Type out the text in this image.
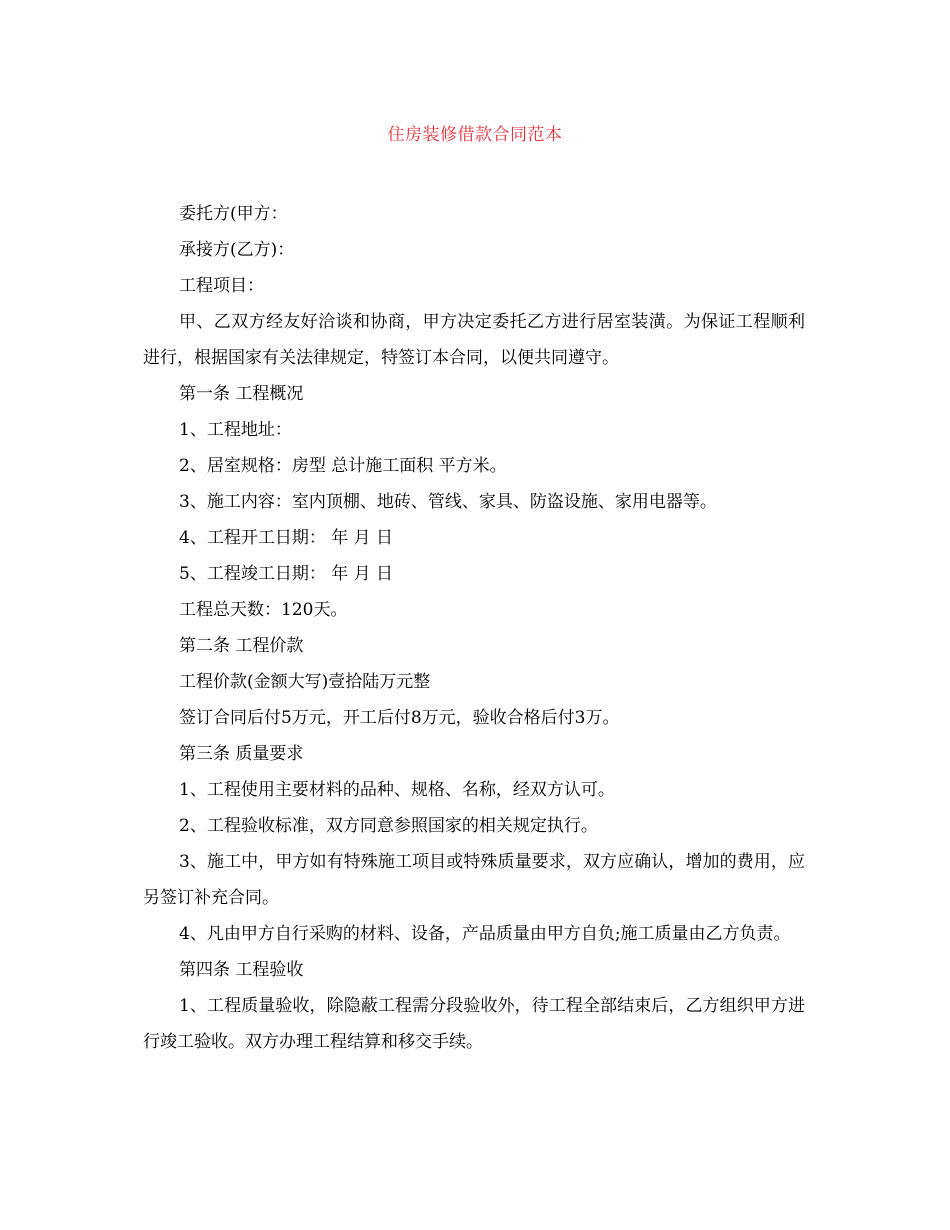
住房装修借款合同范本

委托方(甲方：

承接方(乙方)：

工程项目：

甲、乙双方经友好洽谈和协商，甲方决定委托乙方进行居室装潢。为保证工程顺利进行，根据国家有关法律规定，特签订本合同，以便共同遵守。

第一条 工程概况

1、工程地址：

2、居室规格：房型 总计施工面积 平方米。

3、施工内容：室内顶棚、地砖、管线、家具、防盗设施、家用电器等。

4、工程开工日期： 年 月 日

5、工程竣工日期： 年 月 日

工程总天数：120天。

第二条 工程价款

工程价款(金额大写)壹拾陆万元整

签订合同后付5万元，开工后付8万元，验收合格后付3万。

第三条 质量要求

1、工程使用主要材料的品种、规格、名称，经双方认可。

2、工程验收标准，双方同意参照国家的相关规定执行。

3、施工中，甲方如有特殊施工项目或特殊质量要求，双方应确认，增加的费用，应另签订补充合同。

4、凡由甲方自行采购的材料、设备，产品质量由甲方自负;施工质量由乙方负责。

第四条 工程验收

1、工程质量验收，除隐蔽工程需分段验收外，待工程全部结束后，乙方组织甲方进行竣工验收。双方办理工程结算和移交手续。
